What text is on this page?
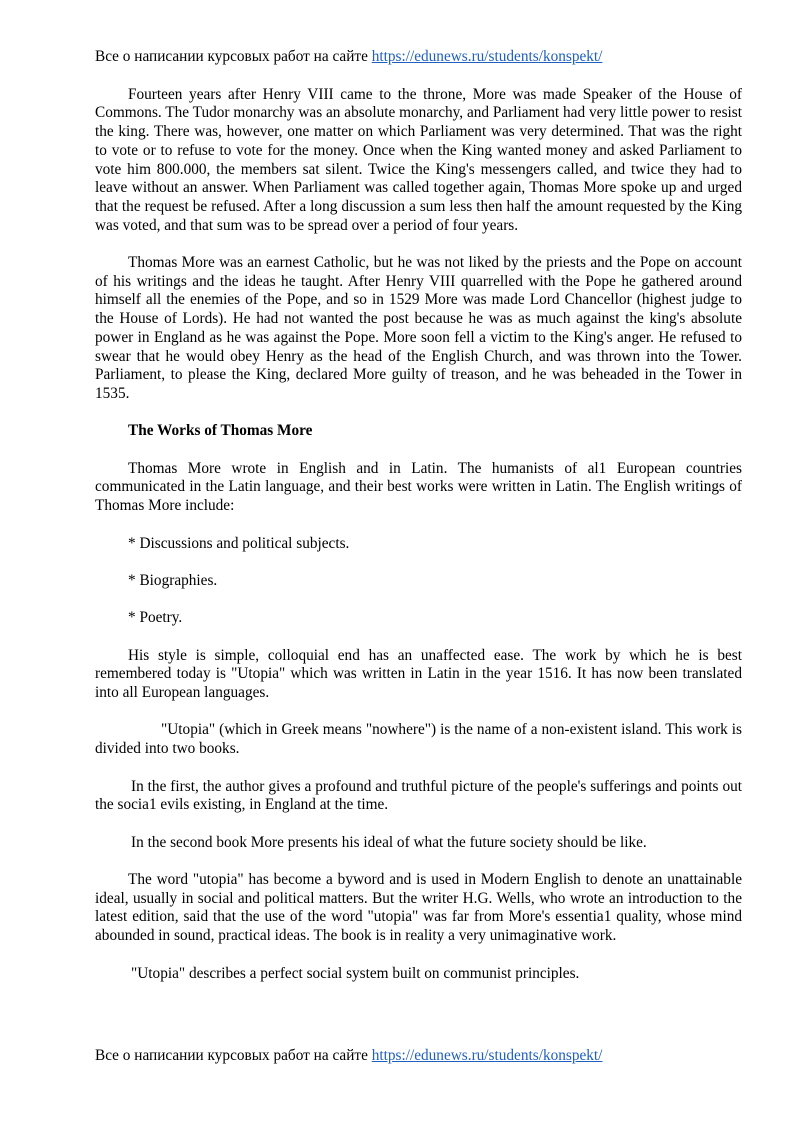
Все о написании курсовых работ на сайте https://edunews.ru/students/konspekt/

Fourteen years after Henry VIII came to the throne, More was made Speaker of the House of Commons. The Tudor monarchy was an absolute monarchy, and Parliament had very little power to resist the king. There was, however, one matter on which Parliament was very determined. That was the right to vote or to refuse to vote for the money. Once when the King wanted money and asked Parliament to vote him 800.000, the members sat silent. Twice the King's messengers called, and twice they had to leave without an answer. When Parliament was called together again, Thomas More spoke up and urged that the request be refused. After a long discussion a sum less then half the amount requested by the King was voted, and that sum was to be spread over a period of four years.

Thomas More was an earnest Catholic, but he was not liked by the priests and the Pope on account of his writings and the ideas he taught. After Henry VIII quarrelled with the Pope he gathered around himself all the enemies of the Pope, and so in 1529 More was made Lord Chancellor (highest judge to the House of Lords). He had not wanted the post because he was as much against the king's absolute power in England as he was against the Pope. More soon fell a victim to the King's anger. He refused to swear that he would obey Henry as the head of the English Church, and was thrown into the Tower. Parliament, to please the King, declared More guilty of treason, and he was beheaded in the Tower in 1535.

The Works of Thomas More

Thomas More wrote in English and in Latin. The humanists of al1 European countries communicated in the Latin language, and their best works were written in Latin. The English writings of Thomas More include:

* Discussions and political subjects.

* Biographies.

* Poetry.

His style is simple, colloquial end has an unaffected ease. The work by which he is best remembered today is "Utopia" which was written in Latin in the year 1516. It has now been translated into all European languages.

"Utopia" (which in Greek means "nowhere") is the name of a non-existent island. This work is divided into two books.

In the first, the author gives a profound and truthful picture of the people's sufferings and points out the socia1 evils existing, in England at the time.

In the second book More presents his ideal of what the future society should be like.

The word "utopia" has become a byword and is used in Modern English to denote an unattainable ideal, usually in social and political matters. But the writer H.G. Wells, who wrote an introduction to the latest edition, said that the use of the word "utopia" was far from More's essentia1 quality, whose mind abounded in sound, practical ideas. The book is in reality a very unimaginative work.

"Utopia" describes a perfect social system built on communist principles.

Все о написании курсовых работ на сайте https://edunews.ru/students/konspekt/
